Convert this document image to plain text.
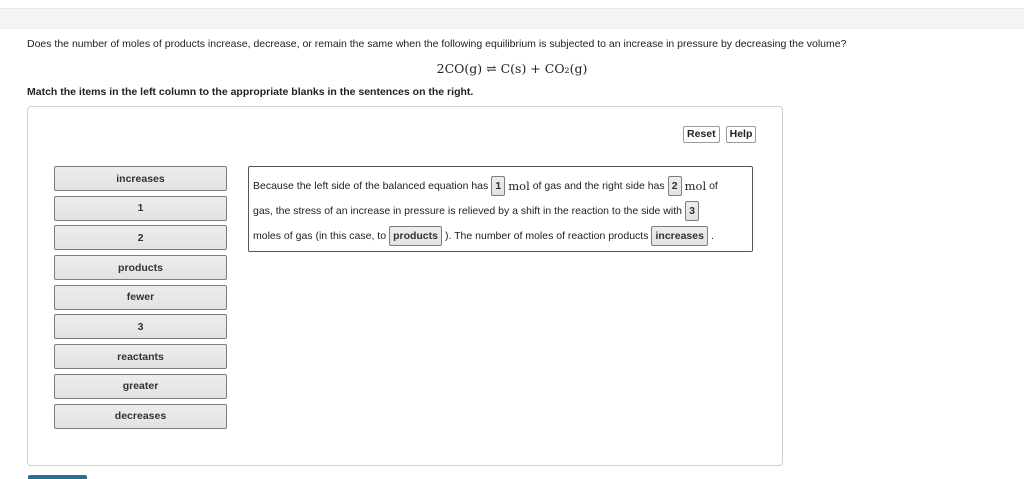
Does the number of moles of products increase, decrease, or remain the same when the following equilibrium is subjected to an increase in pressure by decreasing the volume?
2CO(g) ⇌ C(s) + CO₂(g)
Match the items in the left column to the appropriate blanks in the sentences on the right.
Reset	Help
increases
1
2
products
fewer
3
reactants
greater
decreases
Because the left side of the balanced equation has 1 mol
of gas and the right side has 2 mol
of
gas, the stress of an increase in pressure is relieved by a shift in the reaction to the side with 3
moles of gas (in this case, to products ). The number of moles of reaction products increases .
